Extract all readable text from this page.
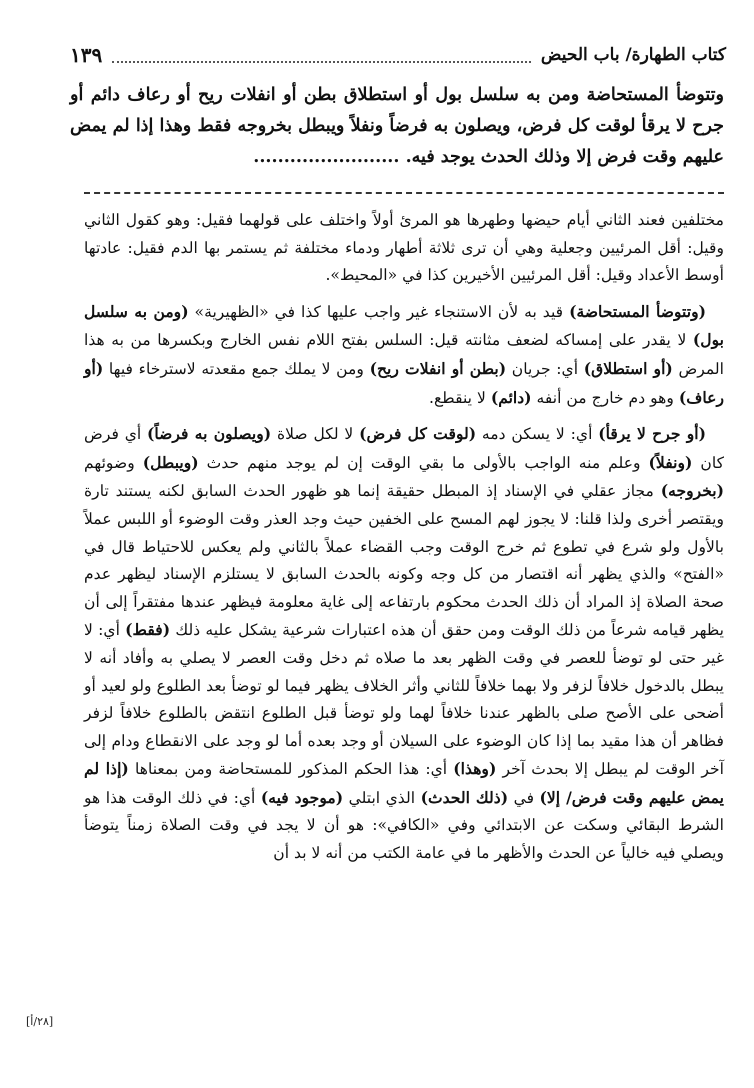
كتاب الطهارة/ باب الحيض
١٣٩
وتتوضأ المستحاضة ومن به سلسل بول أو استطلاق بطن أو انفلات ريح أو رعاف دائم أو جرح لا يرقأ لوقت كل فرض، ويصلون به فرضاً ونفلاً ويبطل بخروجه فقط وهذا إذا لم يمض عليهم وقت فرض إلا وذلك الحدث يوجد فيه. ........................

مختلفين فعند الثاني أيام حيضها وطهرها هو المرئ أولاً واختلف على قولهما فقيل: وهو كقول الثاني وقيل: أقل المرئيين وجعلية وهي أن ترى ثلاثة أطهار ودماء مختلفة ثم يستمر بها الدم فقيل: عادتها أوسط الأعداد وقيل: أقل المرئيين الأخيرين كذا في «المحيط».

(وتتوضأ المستحاضة) قيد به لأن الاستنجاء غير واجب عليها كذا في «الظهيرية» (ومن به سلسل بول) لا يقدر على إمساكه لضعف مثانته قيل: السلس بفتح اللام نفس الخارج وبكسرها من به هذا المرض (أو استطلاق) أي: جريان (بطن أو انفلات ريح) ومن لا يملك جمع مقعدته لاسترخاء فيها (أو رعاف) وهو دم خارج من أنفه (دائم) لا ينقطع.

(أو جرح لا يرقأ) أي: لا يسكن دمه (لوقت كل فرض) لا لكل صلاة (ويصلون به فرضاً) أي فرض كان (ونفلاً) وعلم منه الواجب بالأولى ما بقي الوقت إن لم يوجد منهم حدث (ويبطل) وضوئهم (بخروجه) مجاز عقلي في الإسناد إذ المبطل حقيقة إنما هو ظهور الحدث السابق لكنه يستند تارة ويقتصر أخرى ولذا قلنا: لا يجوز لهم المسح على الخفين حيث وجد العذر وقت الوضوء أو اللبس عملاً بالأول ولو شرع في تطوع ثم خرج الوقت وجب القضاء عملاً بالثاني ولم يعكس للاحتياط قال في «الفتح» والذي يظهر أنه اقتصار من كل وجه وكونه بالحدث السابق لا يستلزم الإسناد ليظهر عدم صحة الصلاة إذ المراد أن ذلك الحدث محكوم بارتفاعه إلى غاية معلومة فيظهر عندها مفتقراً إلى أن يظهر قيامه شرعاً من ذلك الوقت ومن حقق أن هذه اعتبارات شرعية يشكل عليه ذلك (فقط) أي: لا غير حتى لو توضأ للعصر في وقت الظهر بعد ما صلاه ثم دخل وقت العصر لا يصلي به وأفاد أنه لا يبطل بالدخول خلافاً لزفر ولا بهما خلافاً للثاني وأثر الخلاف يظهر فيما لو توضأ بعد الطلوع ولو لعيد أو أضحى على الأصح صلى بالظهر عندنا خلافاً لهما ولو توضأ قبل الطلوع انتقض بالطلوع خلافاً لزفر فظاهر أن هذا مقيد بما إذا كان الوضوء على السيلان أو وجد بعده أما لو وجد على الانقطاع ودام إلى آخر الوقت لم يبطل إلا بحدث آخر (وهذا) أي: هذا الحكم المذكور للمستحاضة ومن بمعناها (إذا لم يمض عليهم وقت فرض/ إلا) في (ذلك الحدث) الذي ابتلي (موجود فيه) أي: في ذلك الوقت هذا هو الشرط البقائي وسكت عن الابتدائي وفي «الكافي»: هو أن لا يجد في وقت الصلاة زمناً يتوضأ ويصلي فيه خالياً عن الحدث والأظهر ما في عامة الكتب من أنه لا بد أن

[٢٨/أ]
